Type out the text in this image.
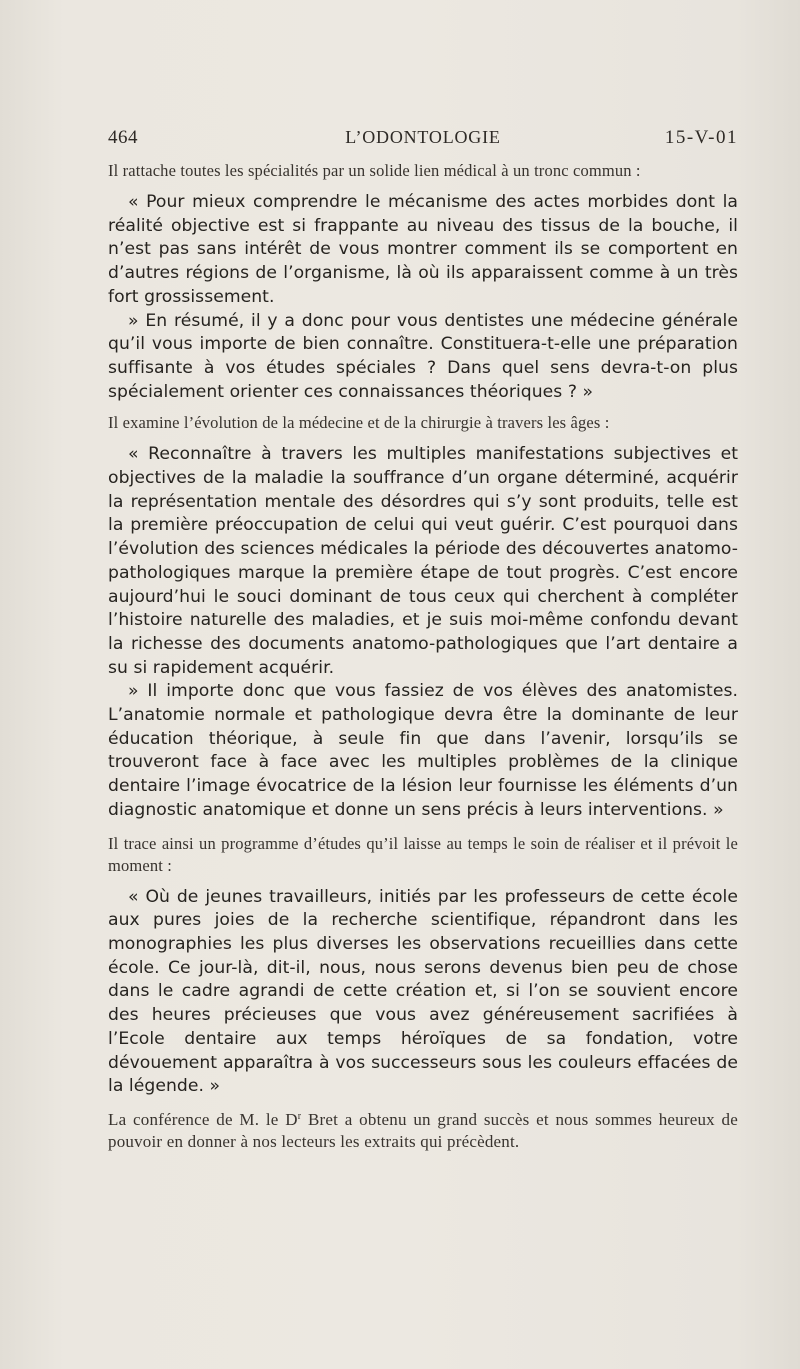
464	L’ODONTOLOGIE	15-V-01

Il rattache toutes les spécialités par un solide lien médical à un tronc commun :

« Pour mieux comprendre le mécanisme des actes morbides dont la réalité objective est si frappante au niveau des tissus de la bouche, il n’est pas sans intérêt de vous montrer comment ils se comportent en d’autres régions de l’organisme, là où ils apparaissent comme à un très fort grossissement.

» En résumé, il y a donc pour vous dentistes une médecine générale qu’il vous importe de bien connaître. Constituera-t-elle une préparation suffisante à vos études spéciales ? Dans quel sens devra-t-on plus spécialement orienter ces connaissances théoriques ? »

Il examine l’évolution de la médecine et de la chirurgie à travers les âges :

« Reconnaître à travers les multiples manifestations subjectives et objectives de la maladie la souffrance d’un organe déterminé, acquérir la représentation mentale des désordres qui s’y sont produits, telle est la première préoccupation de celui qui veut guérir. C’est pourquoi dans l’évolution des sciences médicales la période des découvertes anatomo-pathologiques marque la première étape de tout progrès. C’est encore aujourd’hui le souci dominant de tous ceux qui cherchent à compléter l’histoire naturelle des maladies, et je suis moi-même confondu devant la richesse des documents anatomo-pathologiques que l’art dentaire a su si rapidement acquérir.

» Il importe donc que vous fassiez de vos élèves des anatomistes. L’anatomie normale et pathologique devra être la dominante de leur éducation théorique, à seule fin que dans l’avenir, lorsqu’ils se trouveront face à face avec les multiples problèmes de la clinique dentaire l’image évocatrice de la lésion leur fournisse les éléments d’un diagnostic anatomique et donne un sens précis à leurs interventions. »

Il trace ainsi un programme d’études qu’il laisse au temps le soin de réaliser et il prévoit le moment :

« Où de jeunes travailleurs, initiés par les professeurs de cette école aux pures joies de la recherche scientifique, répandront dans les monographies les plus diverses les observations recueillies dans cette école. Ce jour-là, dit-il, nous, nous serons devenus bien peu de chose dans le cadre agrandi de cette création et, si l’on se souvient encore des heures précieuses que vous avez généreusement sacrifiées à l’Ecole dentaire aux temps héroïques de sa fondation, votre dévouement apparaîtra à vos successeurs sous les couleurs effacées de la légende. »

La conférence de M. le $D^r$ Bret a obtenu un grand succès et nous sommes heureux de pouvoir en donner à nos lecteurs les extraits qui précèdent.
